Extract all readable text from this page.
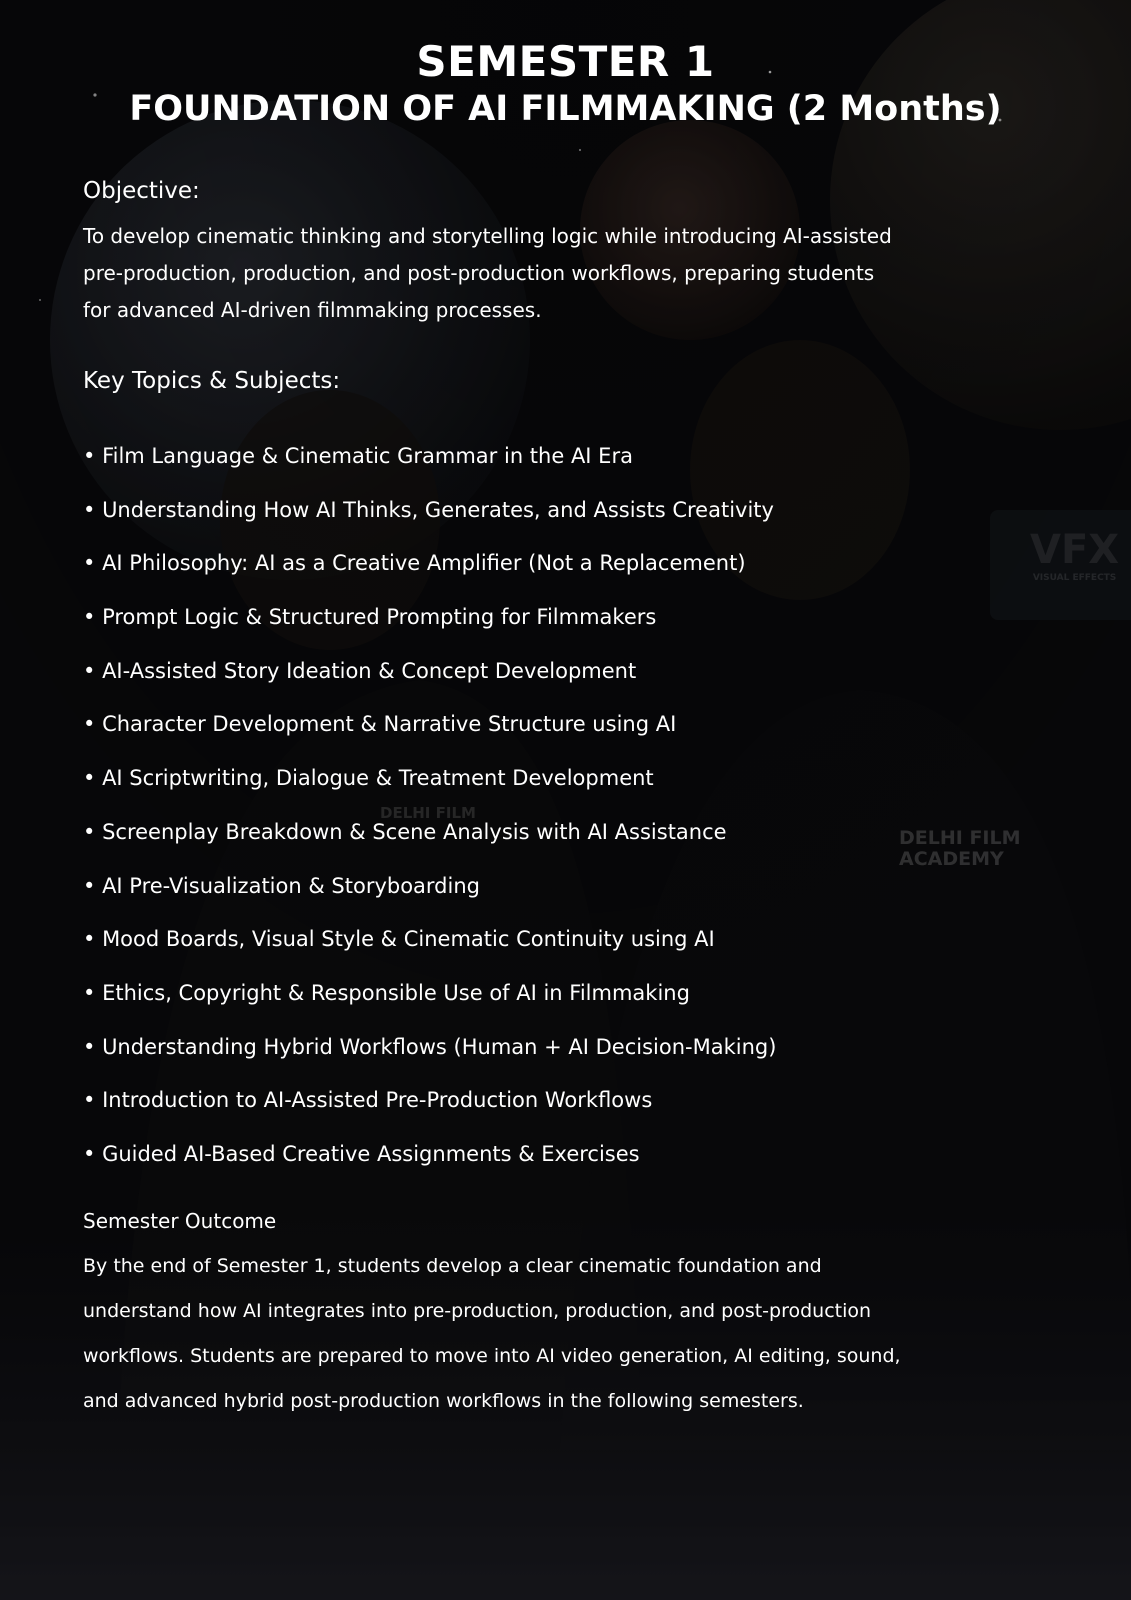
DELHI FILM
ACADEMY
DELHI FILM
VFX
VISUAL EFFECTS
SEMESTER 1
FOUNDATION OF AI FILMMAKING (2 Months)
Objective:

To develop cinematic thinking and storytelling logic while introducing AI-assisted pre-production, production, and post-production workflows, preparing students for advanced AI-driven filmmaking processes.

Key Topics & Subjects:
• Film Language & Cinematic Grammar in the AI Era
• Understanding How AI Thinks, Generates, and Assists Creativity
• AI Philosophy: AI as a Creative Amplifier (Not a Replacement)
• Prompt Logic & Structured Prompting for Filmmakers
• AI-Assisted Story Ideation & Concept Development
• Character Development & Narrative Structure using AI
• AI Scriptwriting, Dialogue & Treatment Development
• Screenplay Breakdown & Scene Analysis with AI Assistance
• AI Pre-Visualization & Storyboarding
• Mood Boards, Visual Style & Cinematic Continuity using AI
• Ethics, Copyright & Responsible Use of AI in Filmmaking
• Understanding Hybrid Workflows (Human + AI Decision-Making)
• Introduction to AI-Assisted Pre-Production Workflows
• Guided AI-Based Creative Assignments & Exercises
Semester Outcome

By the end of Semester 1, students develop a clear cinematic foundation and understand how AI integrates into pre-production, production, and post-production workflows. Students are prepared to move into AI video generation, AI editing, sound, and advanced hybrid post-production workflows in the following semesters.
